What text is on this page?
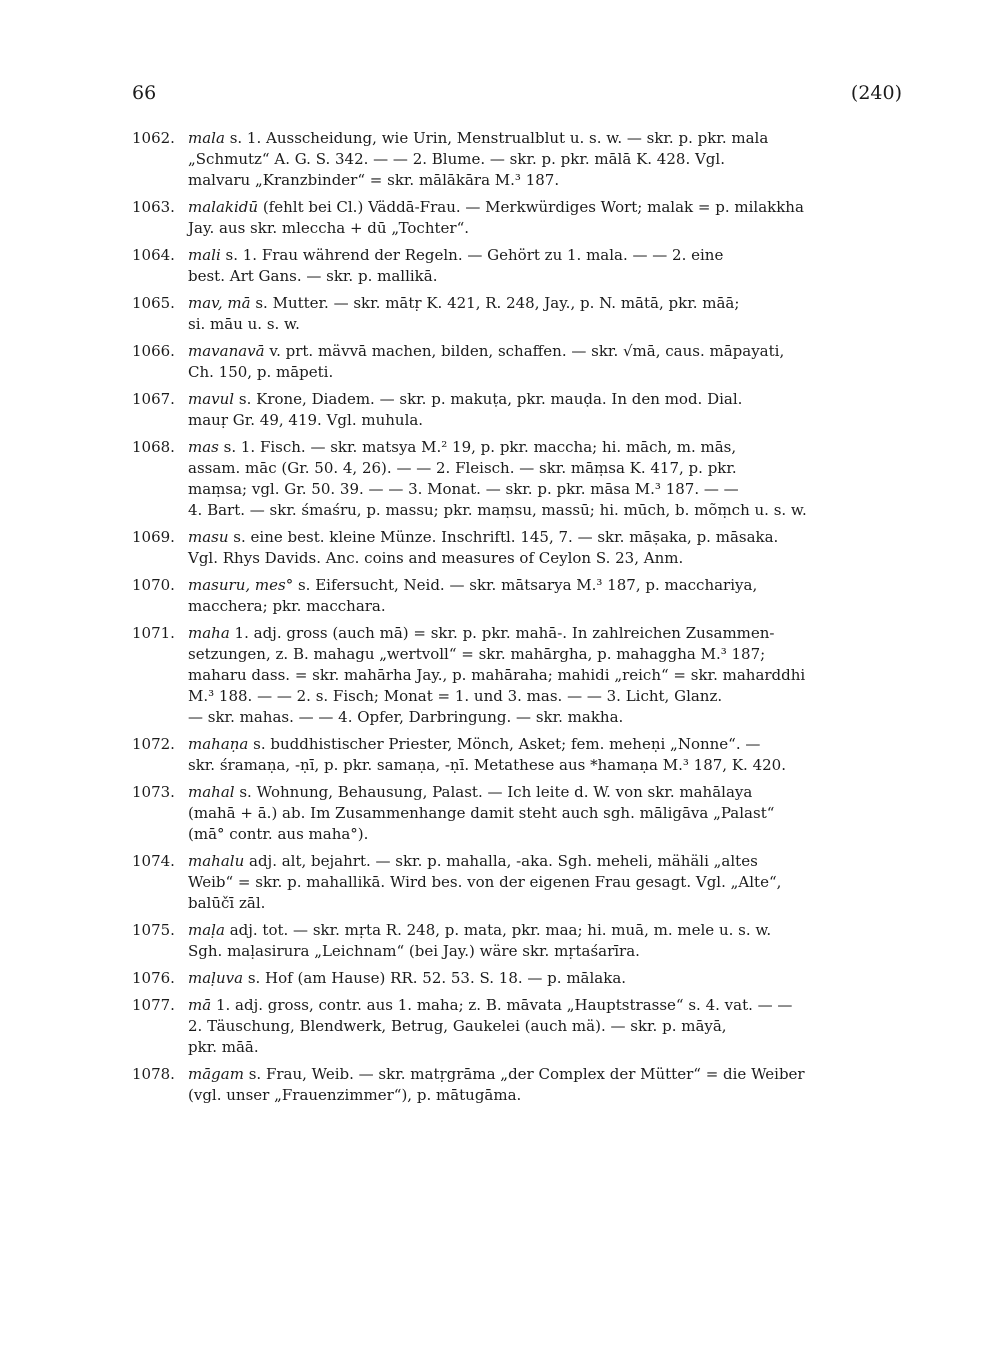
66	(240)
1062. mala s. 1. Ausscheidung, wie Urin, Menstrualblut u. s. w. — skr. p. pkr. mala
„Schmutz“ A. G. S. 342. — — 2. Blume. — skr. p. pkr. mālā K. 428. Vgl.
malvaru „Kranzbinder“ = skr. mālākāra M.³ 187.
1063. malakidū (fehlt bei Cl.) Väddā-Frau. — Merkwürdiges Wort; malak = p. milakkha
Jay. aus skr. mleccha + dū „Tochter“.
1064. mali s. 1. Frau während der Regeln. — Gehört zu 1. mala. — — 2. eine
best. Art Gans. — skr. p. mallikā.
1065. mav, mā s. Mutter. — skr. mātṛ K. 421, R. 248, Jay., p. N. mātā, pkr. māā;
si. māu u. s. w.
1066. mavanavā v. prt. mävvā machen, bilden, schaffen. — skr. √mā, caus. māpayati,
Ch. 150, p. māpeti.
1067. mavul s. Krone, Diadem. — skr. p. makuṭa, pkr. mauḍa. In den mod. Dial.
mauṛ Gr. 49, 419. Vgl. muhula.
1068. mas s. 1. Fisch. — skr. matsya M.² 19, p. pkr. maccha; hi. māch, m. mās,
assam. māc (Gr. 50. 4, 26). — — 2. Fleisch. — skr. māṃsa K. 417, p. pkr.
maṃsa; vgl. Gr. 50. 39. — — 3. Monat. — skr. p. pkr. māsa M.³ 187. — —
4. Bart. — skr. śmaśru, p. massu; pkr. maṃsu, massū; hi. mūch, b. mõṃch u. s. w.
1069. masu s. eine best. kleine Münze. Inschriftl. 145, 7. — skr. māṣaka, p. māsaka.
Vgl. Rhys Davids. Anc. coins and measures of Ceylon S. 23, Anm.
1070. masuru, mes° s. Eifersucht, Neid. — skr. mātsarya M.³ 187, p. macchariya,
macchera; pkr. macchara.
1071. maha 1. adj. gross (auch mā) = skr. p. pkr. mahā-. In zahlreichen Zusammen-
setzungen, z. B. mahagu „wertvoll“ = skr. mahārgha, p. mahaggha M.³ 187;
maharu dass. = skr. mahārha Jay., p. mahāraha; mahidi „reich“ = skr. maharddhi
M.³ 188. — — 2. s. Fisch; Monat = 1. und 3. mas. — — 3. Licht, Glanz.
— skr. mahas. — — 4. Opfer, Darbringung. — skr. makha.
1072. mahaṇa s. buddhistischer Priester, Mönch, Asket; fem. meheṇi „Nonne“. —
skr. śramaṇa, -ṇī, p. pkr. samaṇa, -ṇī. Metathese aus *hamaṇa M.³ 187, K. 420.
1073. mahal s. Wohnung, Behausung, Palast. — Ich leite d. W. von skr. mahālaya
(mahā + ā.) ab. Im Zusammenhange damit steht auch sgh. māligāva „Palast“
(mā° contr. aus maha°).
1074. mahalu adj. alt, bejahrt. — skr. p. mahalla, -aka. Sgh. meheli, mähäli „altes
Weib“ = skr. p. mahallikā. Wird bes. von der eigenen Frau gesagt. Vgl. „Alte“,
balūčī zāl.
1075. maḷa adj. tot. — skr. mṛta R. 248, p. mata, pkr. maa; hi. muā, m. mele u. s. w.
Sgh. maḷasirura „Leichnam“ (bei Jay.) wäre skr. mṛtaśarīra.
1076. maḷuva s. Hof (am Hause) RR. 52. 53. S. 18. — p. mālaka.
1077. mā 1. adj. gross, contr. aus 1. maha; z. B. māvata „Hauptstrasse“ s. 4. vat. — —
2. Täuschung, Blendwerk, Betrug, Gaukelei (auch mä). — skr. p. māyā,
pkr. māā.
1078. māgam s. Frau, Weib. — skr. matṛgrāma „der Complex der Mütter“ = die Weiber
(vgl. unser „Frauenzimmer“), p. mātugāma.
